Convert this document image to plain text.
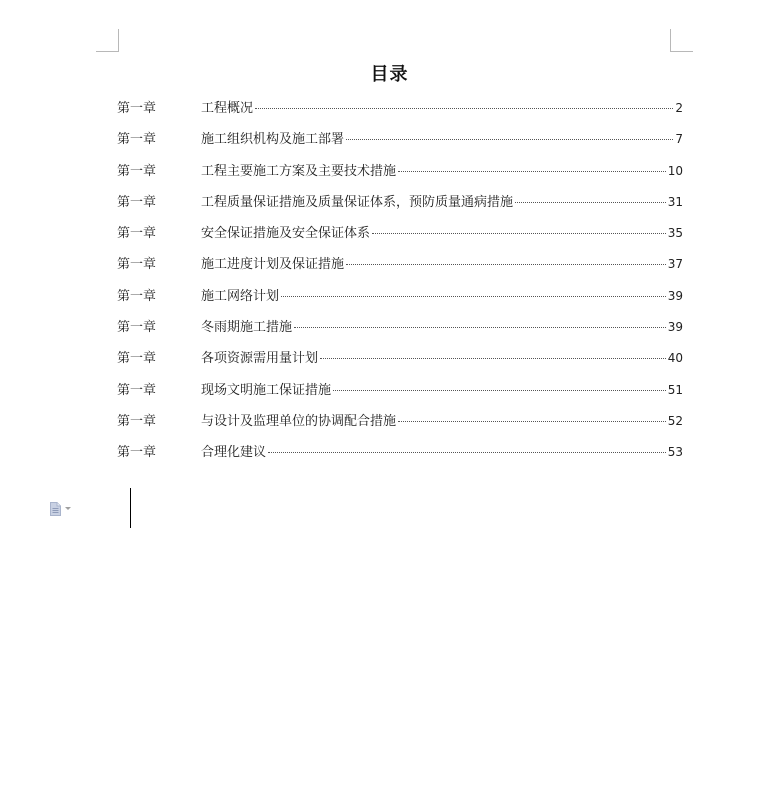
目录
第一章	工程概况	2
第一章	施工组织机构及施工部署	7
第一章	工程主要施工方案及主要技术措施	10
第一章	工程质量保证措施及质量保证体系，预防质量通病措施	31
第一章	安全保证措施及安全保证体系	35
第一章	施工进度计划及保证措施	37
第一章	施工网络计划	39
第一章	冬雨期施工措施	39
第一章	各项资源需用量计划	40
第一章	现场文明施工保证措施	51
第一章	与设计及监理单位的协调配合措施	52
第一章	合理化建议	53
